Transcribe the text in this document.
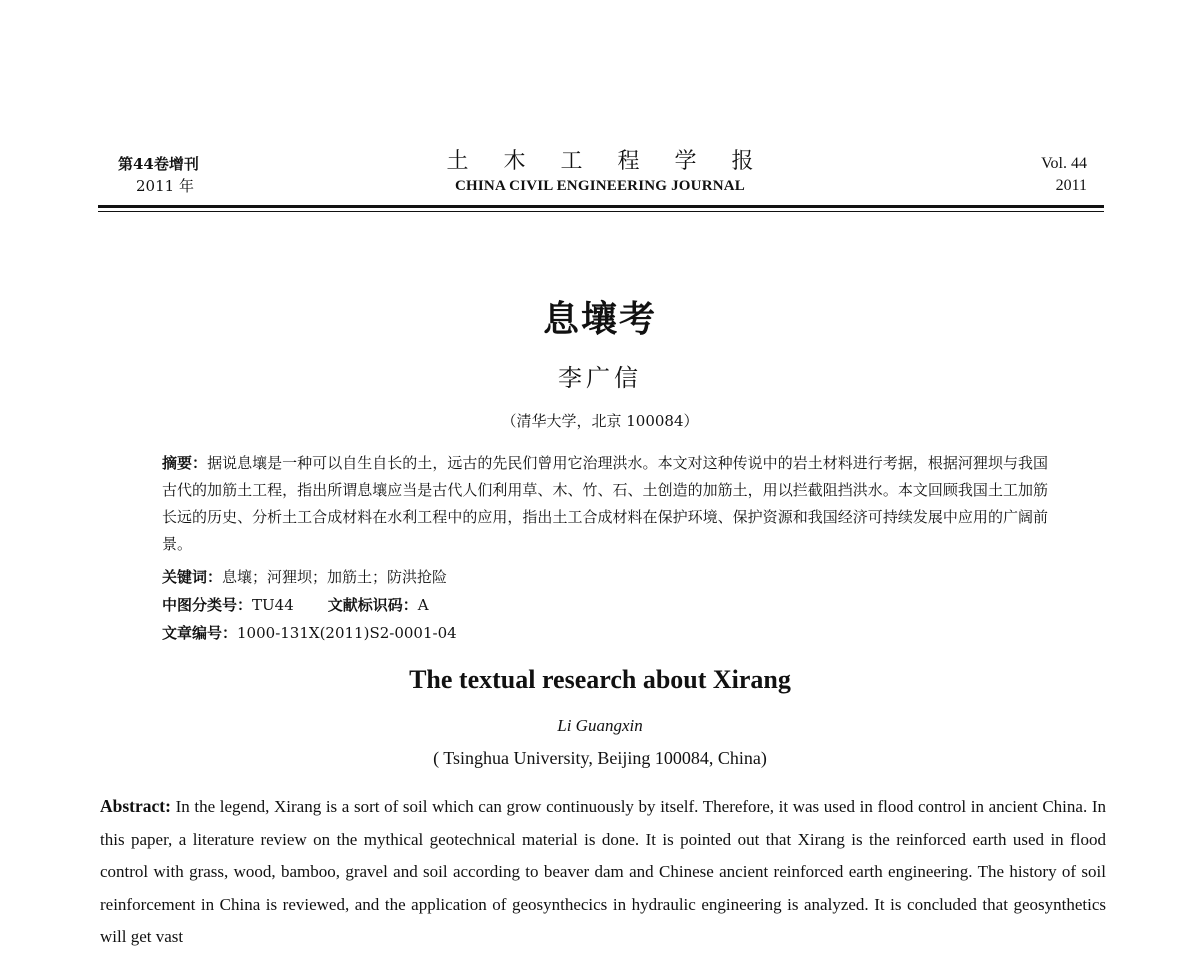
第44卷增刊
2011 年
土 木 工 程 学 报
CHINA CIVIL ENGINEERING JOURNAL
Vol. 44
2011
息壤考
李广信
（清华大学，北京 100084）
摘要：据说息壤是一种可以自生自长的土，远古的先民们曾用它治理洪水。本文对这种传说中的岩土材料进行考据，根据河狸坝与我国古代的加筋土工程，指出所谓息壤应当是古代人们利用草、木、竹、石、土创造的加筋土，用以拦截阻挡洪水。本文回顾我国土工加筋长远的历史、分析土工合成材料在水利工程中的应用，指出土工合成材料在保护环境、保护资源和我国经济可持续发展中应用的广阔前景。
关键词：息壤；河狸坝；加筋土；防洪抢险
中图分类号：TU44 文献标识码：A
文章编号：1000-131X(2011)S2-0001-04
The textual research about Xirang
Li Guangxin
( Tsinghua University, Beijing 100084, China)
Abstract: In the legend, Xirang is a sort of soil which can grow continuously by itself. Therefore, it was used in flood control in ancient China. In this paper, a literature review on the mythical geotechnical material is done. It is pointed out that Xirang is the reinforced earth used in flood control with grass, wood, bamboo, gravel and soil according to beaver dam and Chinese ancient reinforced earth engineering. The history of soil reinforcement in China is reviewed, and the application of geosynthecics in hydraulic engineering is analyzed. It is concluded that geosynthetics will get vast
